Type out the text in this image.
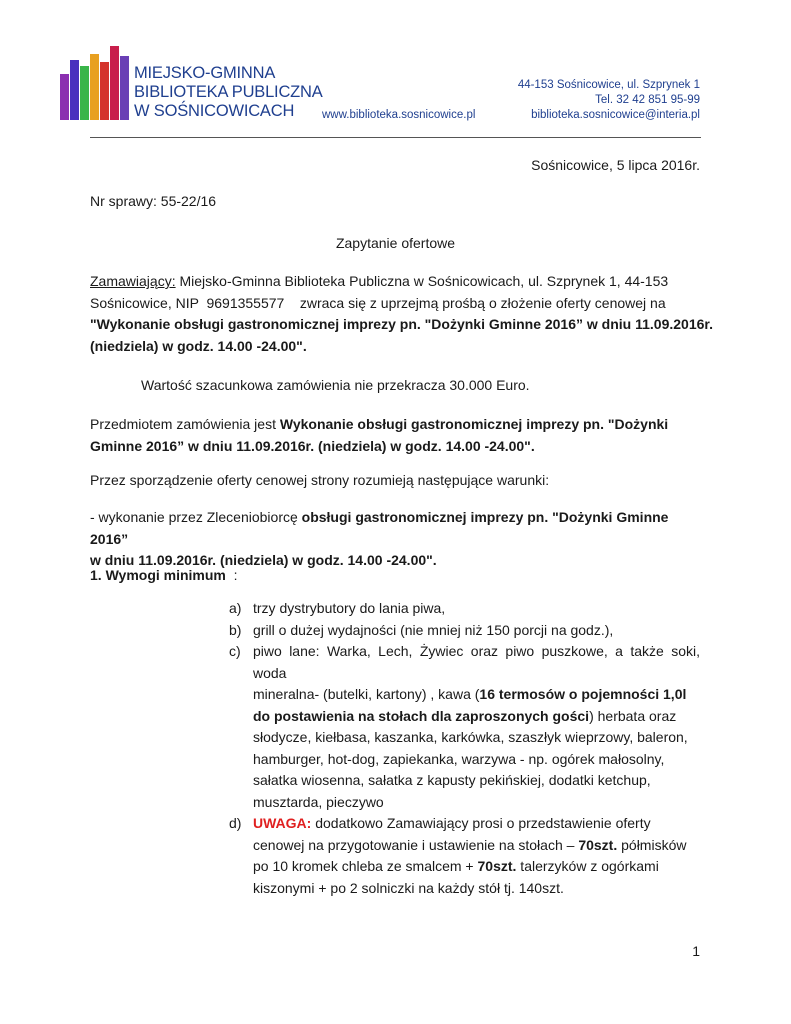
MIEJSKO-GMINNA
BIBLIOTEKA PUBLICZNA
W SOŚNICOWICACH	www.biblioteka.sosnicowice.pl
44-153 Sośnicowice, ul. Szprynek 1
Tel. 32 42 851 95-99
biblioteka.sosnicowice@interia.pl
Sośnicowice, 5 lipca 2016r.
Nr sprawy: 55-22/16
Zapytanie ofertowe
Zamawiający: Miejsko-Gminna Biblioteka Publiczna w Sośnicowicach, ul. Szprynek 1, 44-153
Sośnicowice, NIP  9691355577    zwraca się z uprzejmą prośbą o złożenie oferty cenowej na
"Wykonanie obsługi gastronomicznej imprezy pn. "Dożynki Gminne 2016” w dniu 11.09.2016r.
(niedziela) w godz. 14.00 -24.00".
Wartość szacunkowa zamówienia nie przekracza 30.000 Euro.
Przedmiotem zamówienia jest Wykonanie obsługi gastronomicznej imprezy pn. "Dożynki
Gminne 2016” w dniu 11.09.2016r. (niedziela) w godz. 14.00 -24.00".
Przez sporządzenie oferty cenowej strony rozumieją następujące warunki:
- wykonanie przez Zleceniobiorcę obsługi gastronomicznej imprezy pn. "Dożynki Gminne 2016”
w dniu 11.09.2016r. (niedziela) w godz. 14.00 -24.00".
1. Wymogi minimum  :
a) trzy dystrybutory do lania piwa,
b) grill o dużej wydajności (nie mniej niż 150 porcji na godz.),
c) piwo lane: Warka, Lech, Żywiec oraz piwo puszkowe, a także soki, woda
mineralna- (butelki, kartony) , kawa (16 termosów o pojemności 1,0l
do postawienia na stołach dla zaproszonych gości) herbata oraz
słodycze, kiełbasa, kaszanka, karkówka, szaszłyk wieprzowy, baleron,
hamburger, hot-dog, zapiekanka, warzywa - np. ogórek małosolny,
sałatka wiosenna, sałatka z kapusty pekińskiej, dodatki ketchup,
musztarda, pieczywo
d) UWAGA: dodatkowo Zamawiający prosi o przedstawienie oferty
cenowej na przygotowanie i ustawienie na stołach – 70szt. półmisków
po 10 kromek chleba ze smalcem + 70szt. talerzyków z ogórkami
kiszonymi + po 2 solniczki na każdy stół tj. 140szt.
1
